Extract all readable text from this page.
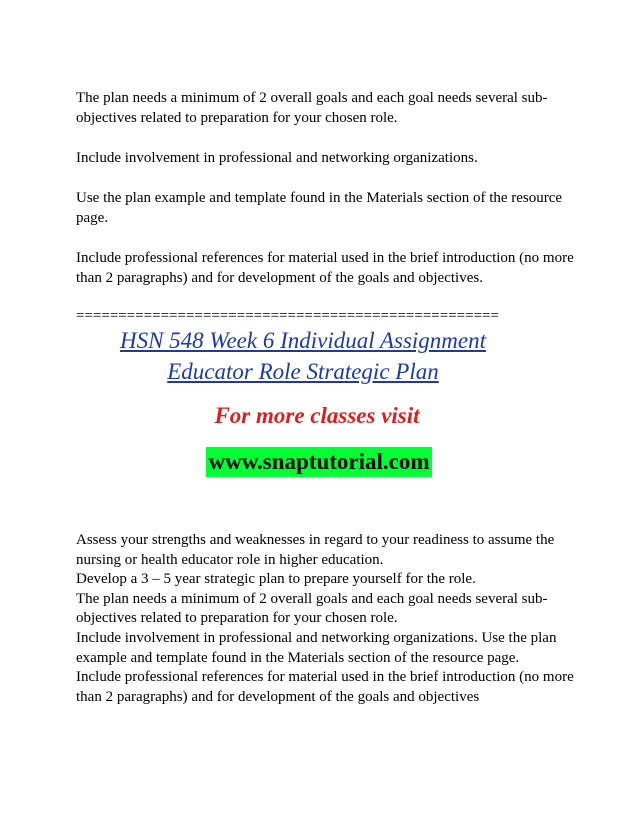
The plan needs a minimum of 2 overall goals and each goal needs several sub-objectives related to preparation for your chosen role.

Include involvement in professional and networking organizations.

Use the plan example and template found in the Materials section of the resource page.

Include professional references for material used in the brief introduction (no more than 2 paragraphs) and for development of the goals and objectives.

==================================================
HSN 548 Week 6 Individual Assignment
Educator Role Strategic Plan
For more classes visit
www.snaptutorial.com

Assess your strengths and weaknesses in regard to your readiness to assume the nursing or health educator role in higher education.

Develop a 3 – 5 year strategic plan to prepare yourself for the role.

The plan needs a minimum of 2 overall goals and each goal needs several sub-objectives related to preparation for your chosen role.

Include involvement in professional and networking organizations. Use the plan example and template found in the Materials section of the resource page.

Include professional references for material used in the brief introduction (no more than 2 paragraphs) and for development of the goals and objectives
